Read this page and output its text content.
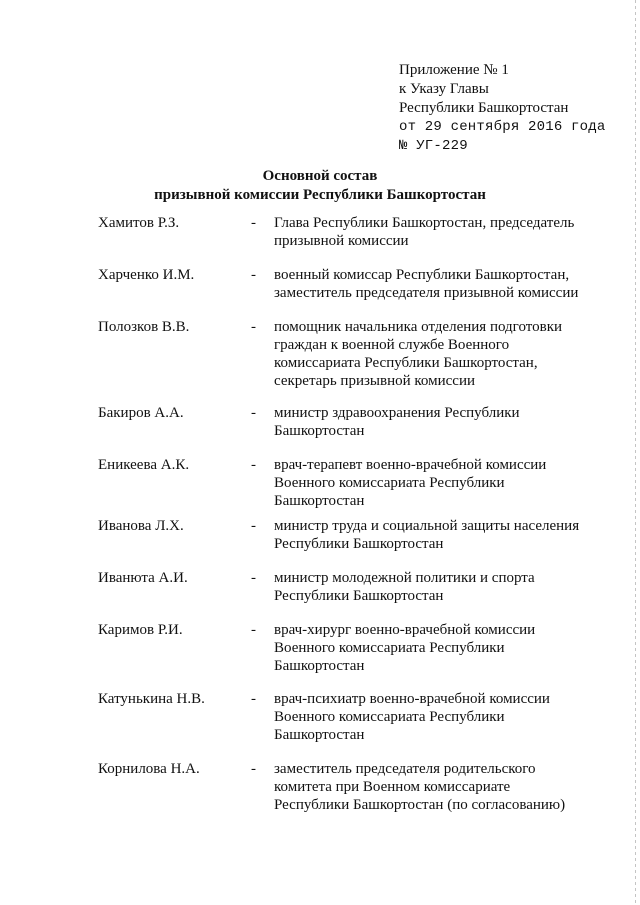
Приложение № 1
к Указу Главы
Республики Башкортостан
от 29 сентября 2016 года
№ УГ-229
Основной состав
призывной комиссии Республики Башкортостан
Хамитов Р.З.	-	Глава Республики Башкортостан, председатель
призывной комиссии
Харченко И.М.	-	военный комиссар Республики Башкортостан,
заместитель председателя призывной комиссии
Полозков В.В.	-	помощник начальника отделения подготовки
граждан к военной службе Военного
комиссариата Республики Башкортостан,
секретарь призывной комиссии
Бакиров А.А.	-	министр здравоохранения Республики
Башкортостан
Еникеева А.К.	-	врач-терапевт военно-врачебной комиссии
Военного комиссариата Республики
Башкортостан
Иванова Л.Х.	-	министр труда и социальной защиты населения
Республики Башкортостан
Иванюта А.И.	-	министр молодежной политики и спорта
Республики Башкортостан
Каримов Р.И.	-	врач-хирург военно-врачебной комиссии
Военного комиссариата Республики
Башкортостан
Катунькина Н.В.	-	врач-психиатр военно-врачебной комиссии
Военного комиссариата Республики
Башкортостан
Корнилова Н.А.	-	заместитель председателя родительского
комитета при Военном комиссариате
Республики Башкортостан (по согласованию)
